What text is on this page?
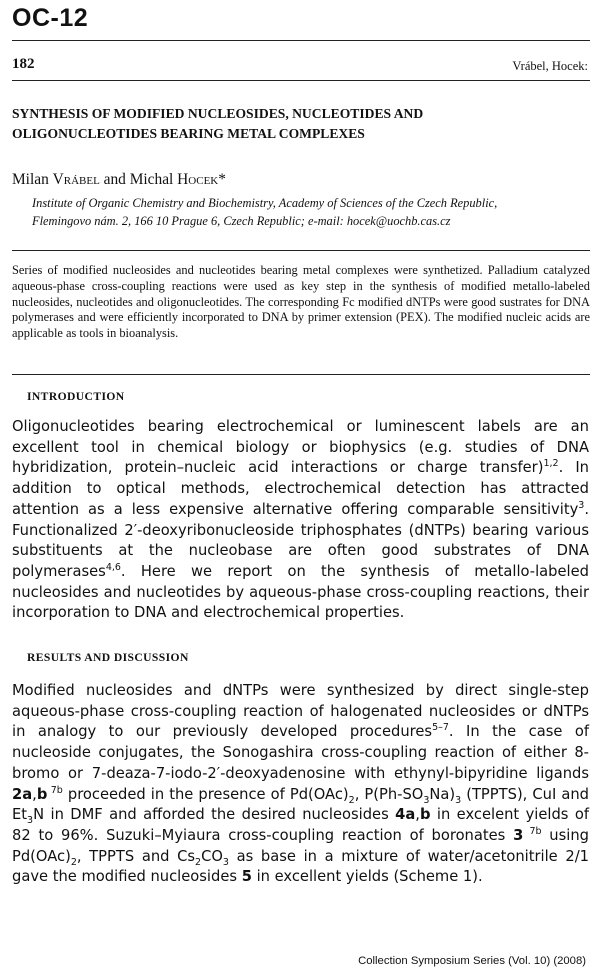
OC-12
182	Vrábel, Hocek:
SYNTHESIS OF MODIFIED NUCLEOSIDES, NUCLEOTIDES AND
OLIGONUCLEOTIDES BEARING METAL COMPLEXES
Milan Vrábel and Michal Hocek*
Institute of Organic Chemistry and Biochemistry, Academy of Sciences of the Czech Republic,
Flemingovo nám. 2, 166 10 Prague 6, Czech Republic; e-mail: hocek@uochb.cas.cz
Series of modified nucleosides and nucleotides bearing metal complexes were synthetized. Palladium catalyzed aqueous-phase cross-coupling reactions were used as key step in the synthesis of modified metallo-labeled nucleosides, nucleotides and oligonucleotides. The corresponding Fc modified dNTPs were good sustrates for DNA polymerases and were efficiently incorporated to DNA by primer extension (PEX). The modified nucleic acids are applicable as tools in bioanalysis.
INTRODUCTION
Oligonucleotides bearing electrochemical or luminescent labels are an excellent tool in chemical biology or biophysics (e.g. studies of DNA hybridization, protein–nucleic acid interactions or charge transfer)$^{1,2}$. In addition to optical methods, electrochemical detection has attracted attention as a less expensive alternative offering comparable sensitivity$^3$. Functionalized 2′-deoxyribonucleoside triphosphates (dNTPs) bearing various substituents at the nucleobase are often good substrates of DNA polymerases$^{4,6}$. Here we report on the synthesis of metallo-labeled nucleosides and nucleotides by aqueous-phase cross-coupling reactions, their incorporation to DNA and electrochemical properties.
RESULTS AND DISCUSSION
Modified nucleosides and dNTPs were synthesized by direct single-step aqueous-phase cross-coupling reaction of halogenated nucleosides or dNTPs in analogy to our previously developed procedures$^{5-7}$. In the case of nucleoside conjugates, the Sonogashira cross-coupling reaction of either 8-bromo or 7-deaza-7-iodo-2′-deoxyadenosine with ethynyl-bipyridine ligands 2a,b $^{7b}$ proceeded in the presence of $Pd(OAc)_2$, $P(Ph-SO_3Na)_3$ (TPPTS), CuI and $Et_3N$ in DMF and afforded the desired nucleosides 4a,b in excelent yields of 82 to 96%. Suzuki–Myiaura cross-coupling reaction of boronates 3 $^{7b}$ using $Pd(OAc)_2$, TPPTS and $Cs_2CO_3$ as base in a mixture of water/acetonitrile 2/1 gave the modified nucleosides 5 in excellent yields (Scheme 1).
Collection Symposium Series (Vol. 10) (2008)
